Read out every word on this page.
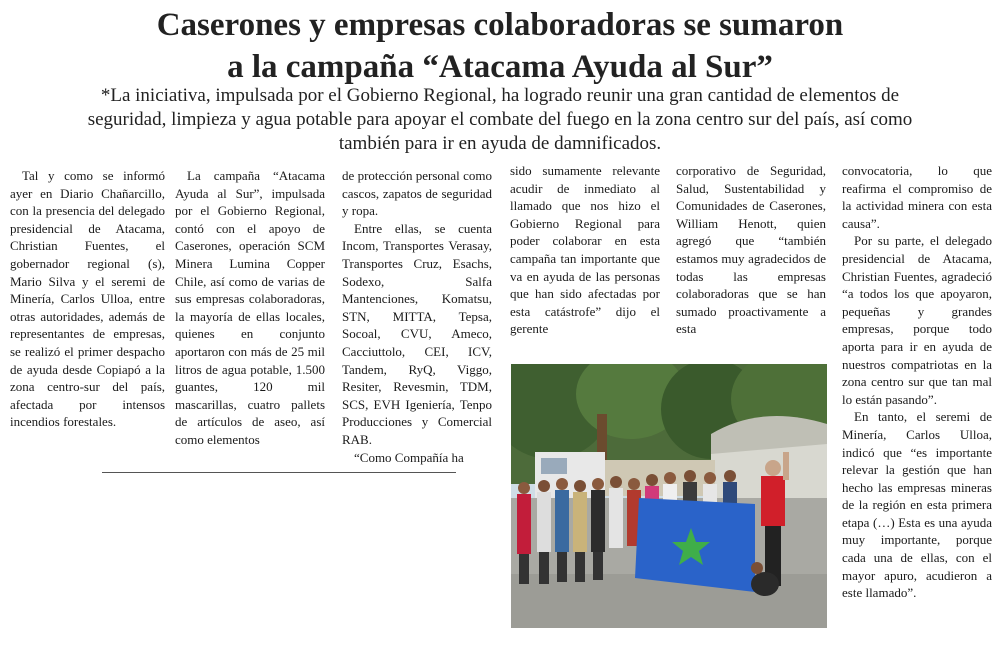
Caserones y empresas colaboradoras se sumaron
a la campaña “Atacama Ayuda al Sur”
*La iniciativa, impulsada por el Gobierno Regional, ha logrado reunir una gran cantidad de elementos de
seguridad, limpieza y agua potable para apoyar el combate del fuego en la zona centro sur del país, así como
también para ir en ayuda de damnificados.

Tal y como se informó ayer en Diario Chañarcillo, con la presencia del delegado presidencial de Atacama, Christian Fuentes, el gobernador regional (s), Mario Silva y el seremi de Minería, Carlos Ulloa, entre otras autoridades, además de representantes de empresas, se realizó el primer despacho de ayuda desde Copiapó a la zona centro-sur del país, afectada por intensos incendios forestales.

La campaña “Atacama Ayuda al Sur”, impulsada por el Gobierno Regional, contó con el apoyo de Caserones, operación SCM Minera Lumina Copper Chile, así como de varias de sus empresas colaboradoras, la mayoría de ellas locales, quienes en conjunto aportaron con más de 25 mil litros de agua potable, 1.500 guantes, 120 mil mascarillas, cuatro pallets de artículos de aseo, así como elementos

de protección personal como cascos, zapatos de seguridad y ropa.

Entre ellas, se cuenta Incom, Transportes Verasay, Transportes Cruz, Esachs, Sodexo, Salfa Mantenciones, Komatsu, STN, MITTA, Tepsa, Socoal, CVU, Ameco, Cacciuttolo, CEI, ICV, Tandem, RyQ, Viggo, Resiter, Revesmin, TDM, SCS, EVH Igeniería, Tenpo Producciones y Comercial RAB.

“Como Compañía ha

sido sumamente relevante acudir de inmediato al llamado que nos hizo el Gobierno Regional para poder colaborar en esta campaña tan importante que va en ayuda de las personas que han sido afectadas por esta catástrofe” dijo el gerente

corporativo de Seguridad, Salud, Sustentabilidad y Comunidades de Caserones, William Henott, quien agregó que “también estamos muy agradecidos de todas las empresas colaboradoras que se han sumado proactivamente a esta

convocatoria, lo que reafirma el compromiso de la actividad minera con esta causa”.

Por su parte, el delegado presidencial de Atacama, Christian Fuentes, agradeció “a todos los que apoyaron, pequeñas y grandes empresas, porque todo aporta para ir en ayuda de nuestros compatriotas en la zona centro sur que tan mal lo están pasando”.

En tanto, el seremi de Minería, Carlos Ulloa, indicó que “es importante relevar la gestión que han hecho las empresas mineras de la región en esta primera etapa (…) Esta es una ayuda muy importante, porque cada una de ellas, con el mayor apuro, acudieron a este llamado”.
